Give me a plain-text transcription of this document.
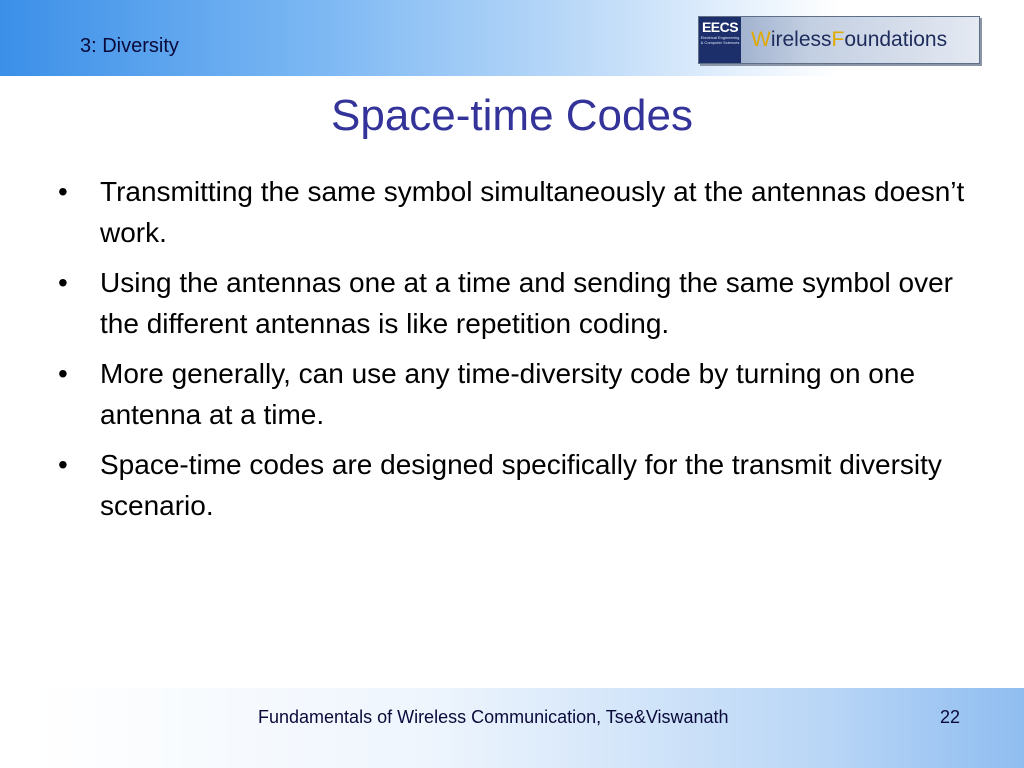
3: Diversity
EECS
Electrical Engineering & Computer Sciences W ireless F oundations
Space-time Codes
•	Transmitting the same symbol simultaneously at the antennas doesn’t work.
•	Using the antennas one at a time and sending the same symbol over the different antennas is like repetition coding.
•	More generally, can use any time-diversity code by turning on one antenna at a time.
•	Space-time codes are designed specifically for the transmit diversity scenario.
Fundamentals of Wireless Communication, Tse&Viswanath	22
